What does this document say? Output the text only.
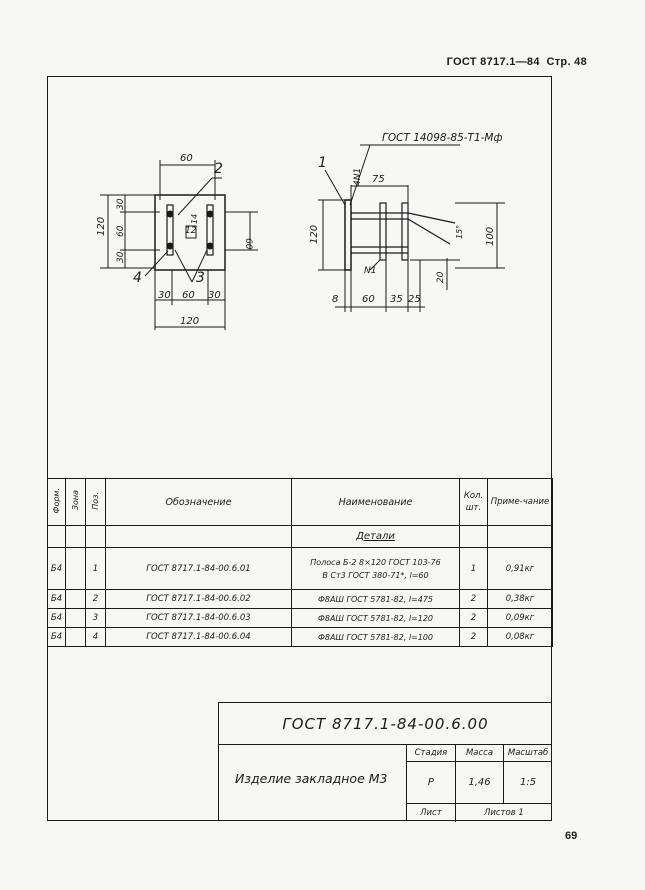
ГОСТ 8717.1—84 Стр. 48
60
120
30
60
30
60
30 60 30
120
12
14
2
3
4
ГОСТ 14098-85-Т1-Мф
1
4N1
N1
75
120	100
15°
20
8 60 35 25
Форм.	Зона	Поз.	Обозначение	Наименование	Кол. шт.	Приме-чание
				Детали		
Б4		1	ГОСТ 8717.1-84-00.6.01	Полоса Б-2 8×120 ГОСТ 103-76
В Ст3 ГОСТ 380-71*, l=60	1	0,91кг
Б4		2	ГОСТ 8717.1-84-00.6.02	Ф8АШ ГОСТ 5781-82, l=475	2	0,38кг
Б4		3	ГОСТ 8717.1-84-00.6.03	Ф8АШ ГОСТ 5781-82, l=120	2	0,09кг
Б4		4	ГОСТ 8717.1-84-00.6.04	Ф8АШ ГОСТ 5781-82, l=100	2	0,08кг
ГОСТ 8717.1-84-00.6.00
Изделие закладное М3
Стадия	Масса	Масштаб
Р	1,46	1:5
Лист	Листов 1	
69
